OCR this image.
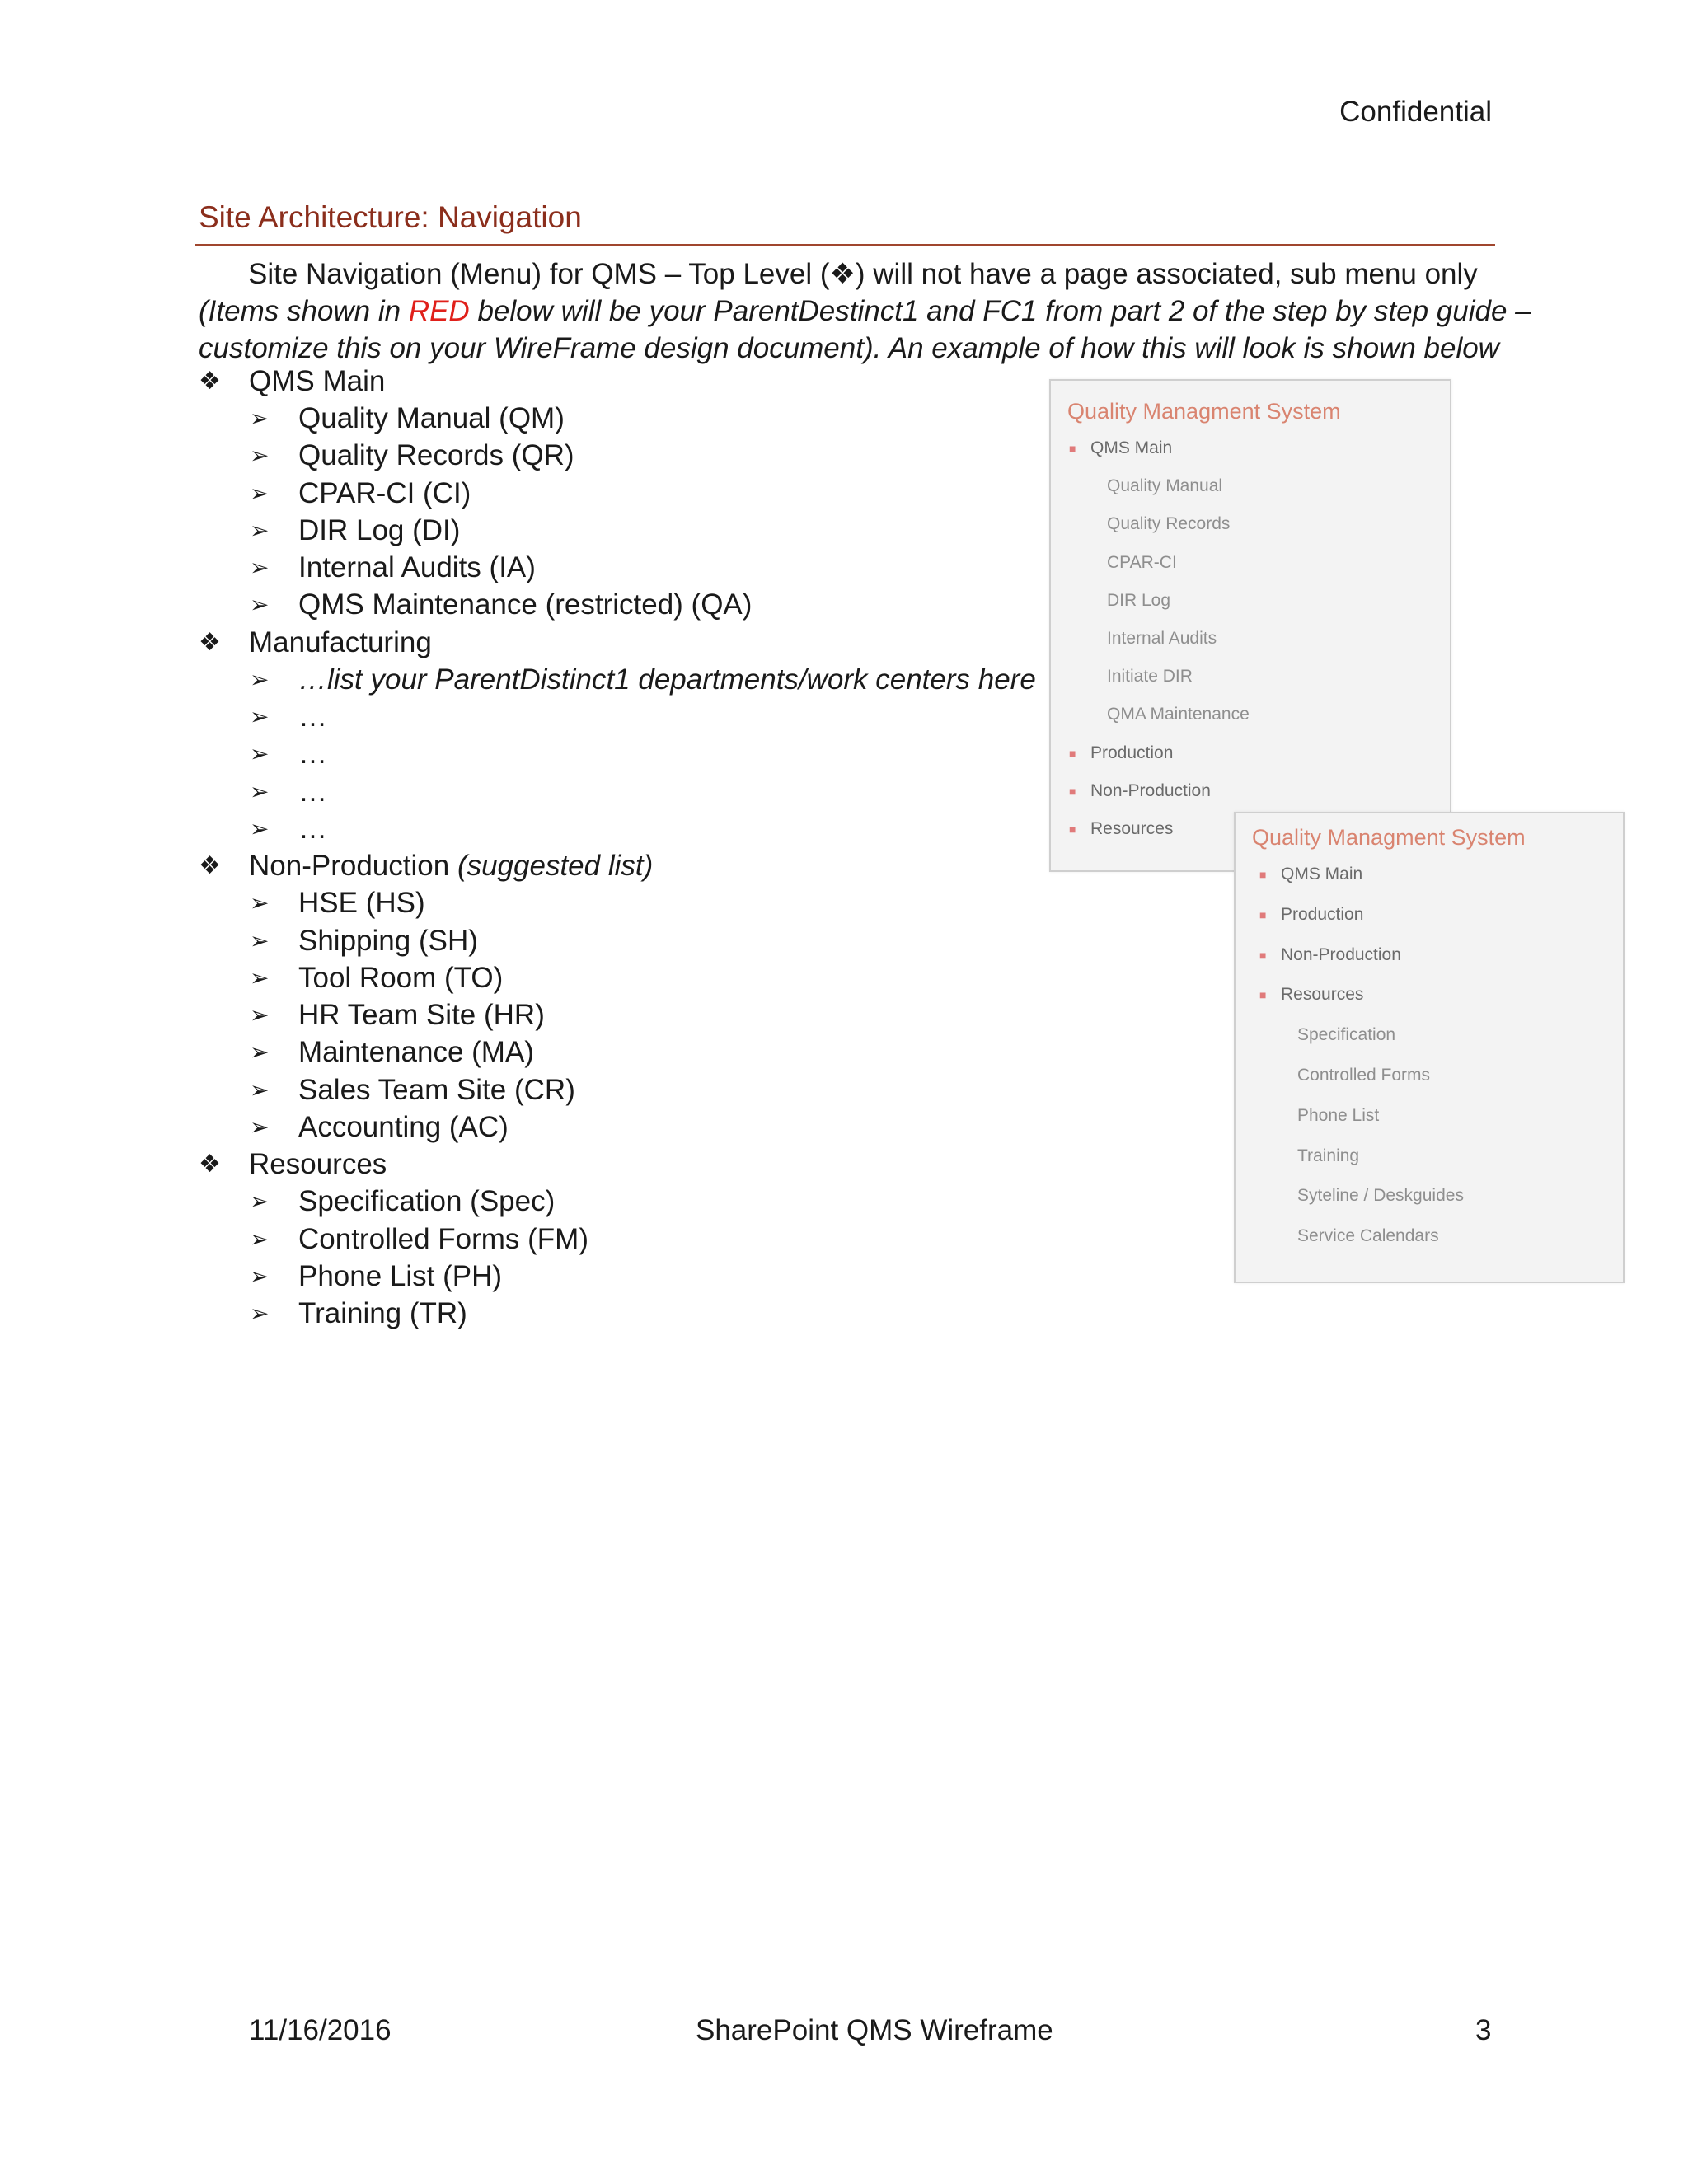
Confidential
Site Architecture: Navigation
Site Navigation (Menu) for QMS – Top Level (❖) will not have a page associated, sub menu only
(Items shown in RED below will be your ParentDestinct1 and FC1 from part 2 of the step by step guide –
customize this on your WireFrame design document). An example of how this will look is shown below
❖ QMS Main
➢ Quality Manual (QM)
➢ Quality Records (QR)
➢ CPAR-CI (CI)
➢ DIR Log (DI)
➢ Internal Audits (IA)
➢ QMS Maintenance (restricted) (QA)
❖ Manufacturing
➢ …list your ParentDistinct1 departments/work centers here
➢ …
➢ …
➢ …
➢ …
❖ Non-Production (suggested list)
➢ HSE (HS)
➢ Shipping (SH)
➢ Tool Room (TO)
➢ HR Team Site (HR)
➢ Maintenance (MA)
➢ Sales Team Site (CR)
➢ Accounting (AC)
❖ Resources
➢ Specification (Spec)
➢ Controlled Forms (FM)
➢ Phone List (PH)
➢ Training (TR)
Quality Managment System
■ QMS Main
Quality Manual
Quality Records
CPAR-CI
DIR Log
Internal Audits
Initiate DIR
QMA Maintenance
■ Production
■ Non-Production
■ Resources	Quality Managment System
■ QMS Main
■ Production
■ Non-Production
■ Resources
Specification
Controlled Forms
Phone List
Training
Syteline / Deskguides
Service Calendars
11/16/2016	SharePoint QMS Wireframe	3
